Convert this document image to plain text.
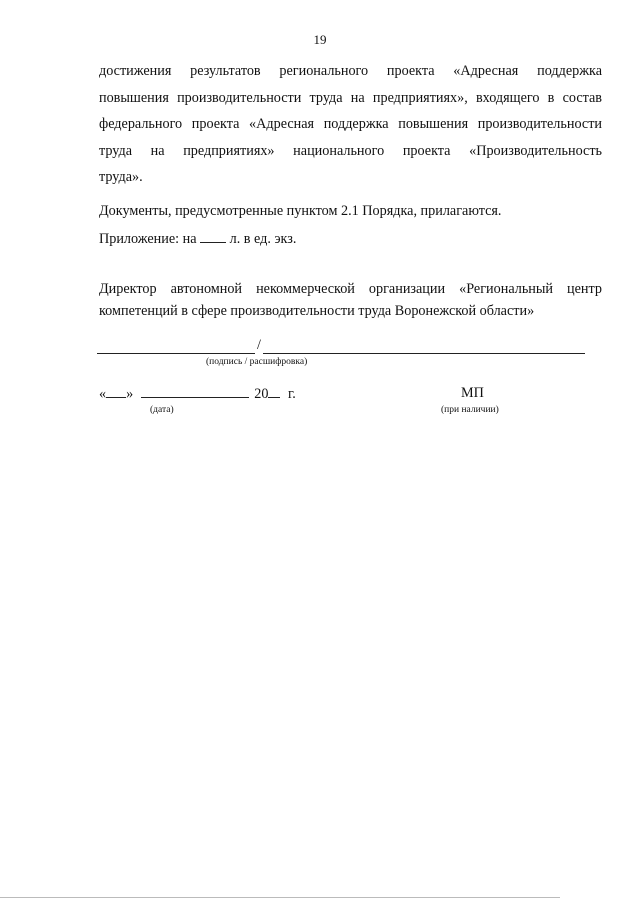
19
достижения результатов регионального проекта «Адресная поддержка
повышения производительности труда на предприятиях», входящего в состав
федерального проекта «Адресная поддержка повышения производительности
труда на предприятиях» национального проекта «Производительность
труда».
Документы, предусмотренные пунктом 2.1 Порядка, прилагаются.
Приложение: на л. в ед. экз.
Директор автономной некоммерческой организации «Региональный центр
компетенций в сфере производительности труда Воронежской области»
/
(подпись / расшифровка)
« »	20 г.
(дата)
МП
(при наличии)
